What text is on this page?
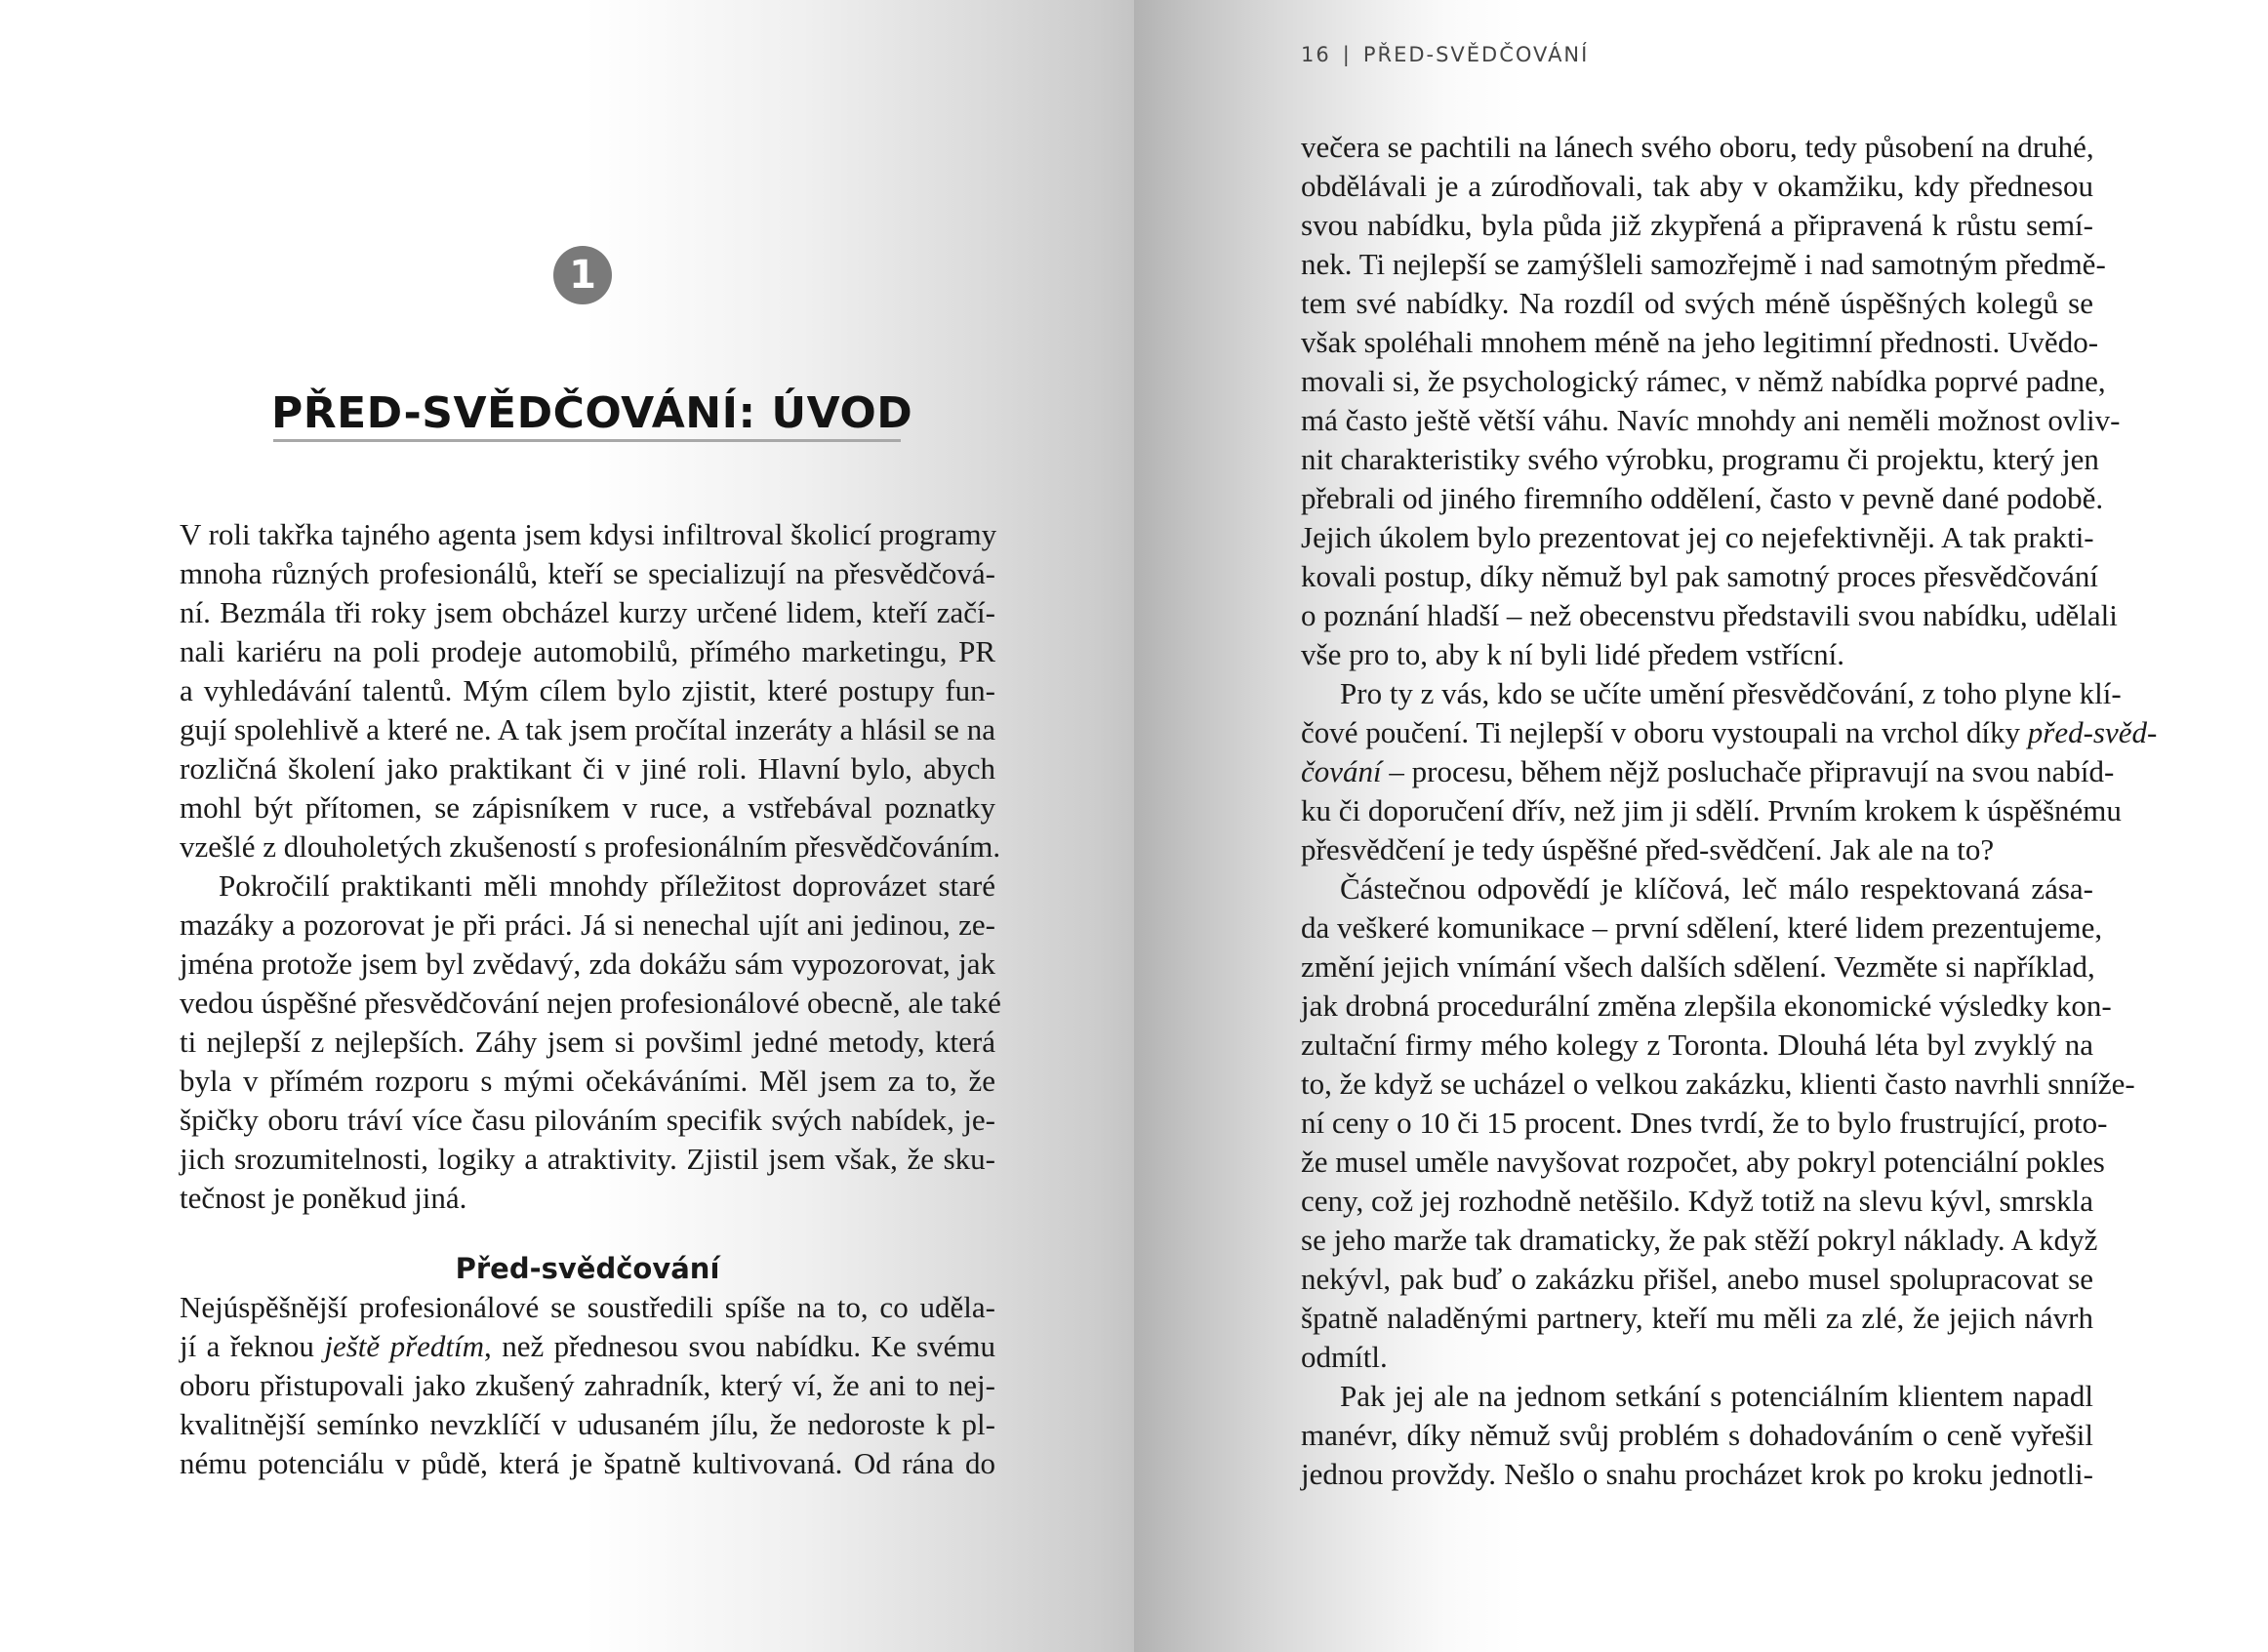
1
PŘED-SVĚDČOVÁNÍ: ÚVOD
V roli takřka tajného agenta jsem kdysi infiltroval školicí programy
mnoha různých profesionálů, kteří se specializují na přesvědčová-
ní. Bezmála tři roky jsem obcházel kurzy určené lidem, kteří začí-
nali kariéru na poli prodeje automobilů, přímého marketingu, PR
a vyhledávání talentů. Mým cílem bylo zjistit, které postupy fun-
gují spolehlivě a které ne. A tak jsem pročítal inzeráty a hlásil se na
rozličná školení jako praktikant či v jiné roli. Hlavní bylo, abych
mohl být přítomen, se zápisníkem v ruce, a vstřebával poznatky
vzešlé z dlouholetých zkušeností s profesionálním přesvědčováním.
Pokročilí praktikanti měli mnohdy příležitost doprovázet staré
mazáky a pozorovat je při práci. Já si nenechal ujít ani jedinou, ze-
jména protože jsem byl zvědavý, zda dokážu sám vypozorovat, jak
vedou úspěšné přesvědčování nejen profesionálové obecně, ale také
ti nejlepší z nejlepších. Záhy jsem si povšiml jedné metody, která
byla v přímém rozporu s mými očekáváními. Měl jsem za to, že
špičky oboru tráví více času pilováním specifik svých nabídek, je-
jich srozumitelnosti, logiky a atraktivity. Zjistil jsem však, že sku-
tečnost je poněkud jiná.
Před-svědčování
Nejúspěšnější profesionálové se soustředili spíše na to, co uděla-
jí a řeknou ještě předtím, než přednesou svou nabídku. Ke svému
oboru přistupovali jako zkušený zahradník, který ví, že ani to nej-
kvalitnější semínko nevzklíčí v udusaném jílu, že nedoroste k pl-
nému potenciálu v půdě, která je špatně kultivovaná. Od rána do
16 | PŘED-SVĚDČOVÁNÍ
večera se pachtili na lánech svého oboru, tedy působení na druhé,
obdělávali je a zúrodňovali, tak aby v okamžiku, kdy přednesou
svou nabídku, byla půda již zkypřená a připravená k růstu semí-
nek. Ti nejlepší se zamýšleli samozřejmě i nad samotným předmě-
tem své nabídky. Na rozdíl od svých méně úspěšných kolegů se
však spoléhali mnohem méně na jeho legitimní přednosti. Uvědo-
movali si, že psychologický rámec, v němž nabídka poprvé padne,
má často ještě větší váhu. Navíc mnohdy ani neměli možnost ovliv-
nit charakteristiky svého výrobku, programu či projektu, který jen
přebrali od jiného firemního oddělení, často v pevně dané podobě.
Jejich úkolem bylo prezentovat jej co nejefektivněji. A tak prakti-
kovali postup, díky němuž byl pak samotný proces přesvědčování
o poznání hladší – než obecenstvu představili svou nabídku, udělali
vše pro to, aby k ní byli lidé předem vstřícní.
Pro ty z vás, kdo se učíte umění přesvědčování, z toho plyne klí-
čové poučení. Ti nejlepší v oboru vystoupali na vrchol díky před-svěd-
čování – procesu, během nějž posluchače připravují na svou nabíd-
ku či doporučení dřív, než jim ji sdělí. Prvním krokem k úspěšnému
přesvědčení je tedy úspěšné před-svědčení. Jak ale na to?
Částečnou odpovědí je klíčová, leč málo respektovaná zása-
da veškeré komunikace – první sdělení, které lidem prezentujeme,
změní jejich vnímání všech dalších sdělení. Vezměte si například,
jak drobná procedurální změna zlepšila ekonomické výsledky kon-
zultační firmy mého kolegy z Toronta. Dlouhá léta byl zvyklý na
to, že když se ucházel o velkou zakázku, klienti často navrhli snníže-
ní ceny o 10 či 15 procent. Dnes tvrdí, že to bylo frustrující, proto-
že musel uměle navyšovat rozpočet, aby pokryl potenciální pokles
ceny, což jej rozhodně netěšilo. Když totiž na slevu kývl, smrskla
se jeho marže tak dramaticky, že pak stěží pokryl náklady. A když
nekývl, pak buď o zakázku přišel, anebo musel spolupracovat se
špatně naladěnými partnery, kteří mu měli za zlé, že jejich návrh
odmítl.
Pak jej ale na jednom setkání s potenciálním klientem napadl
manévr, díky němuž svůj problém s dohadováním o ceně vyřešil
jednou provždy. Nešlo o snahu procházet krok po kroku jednotli-
